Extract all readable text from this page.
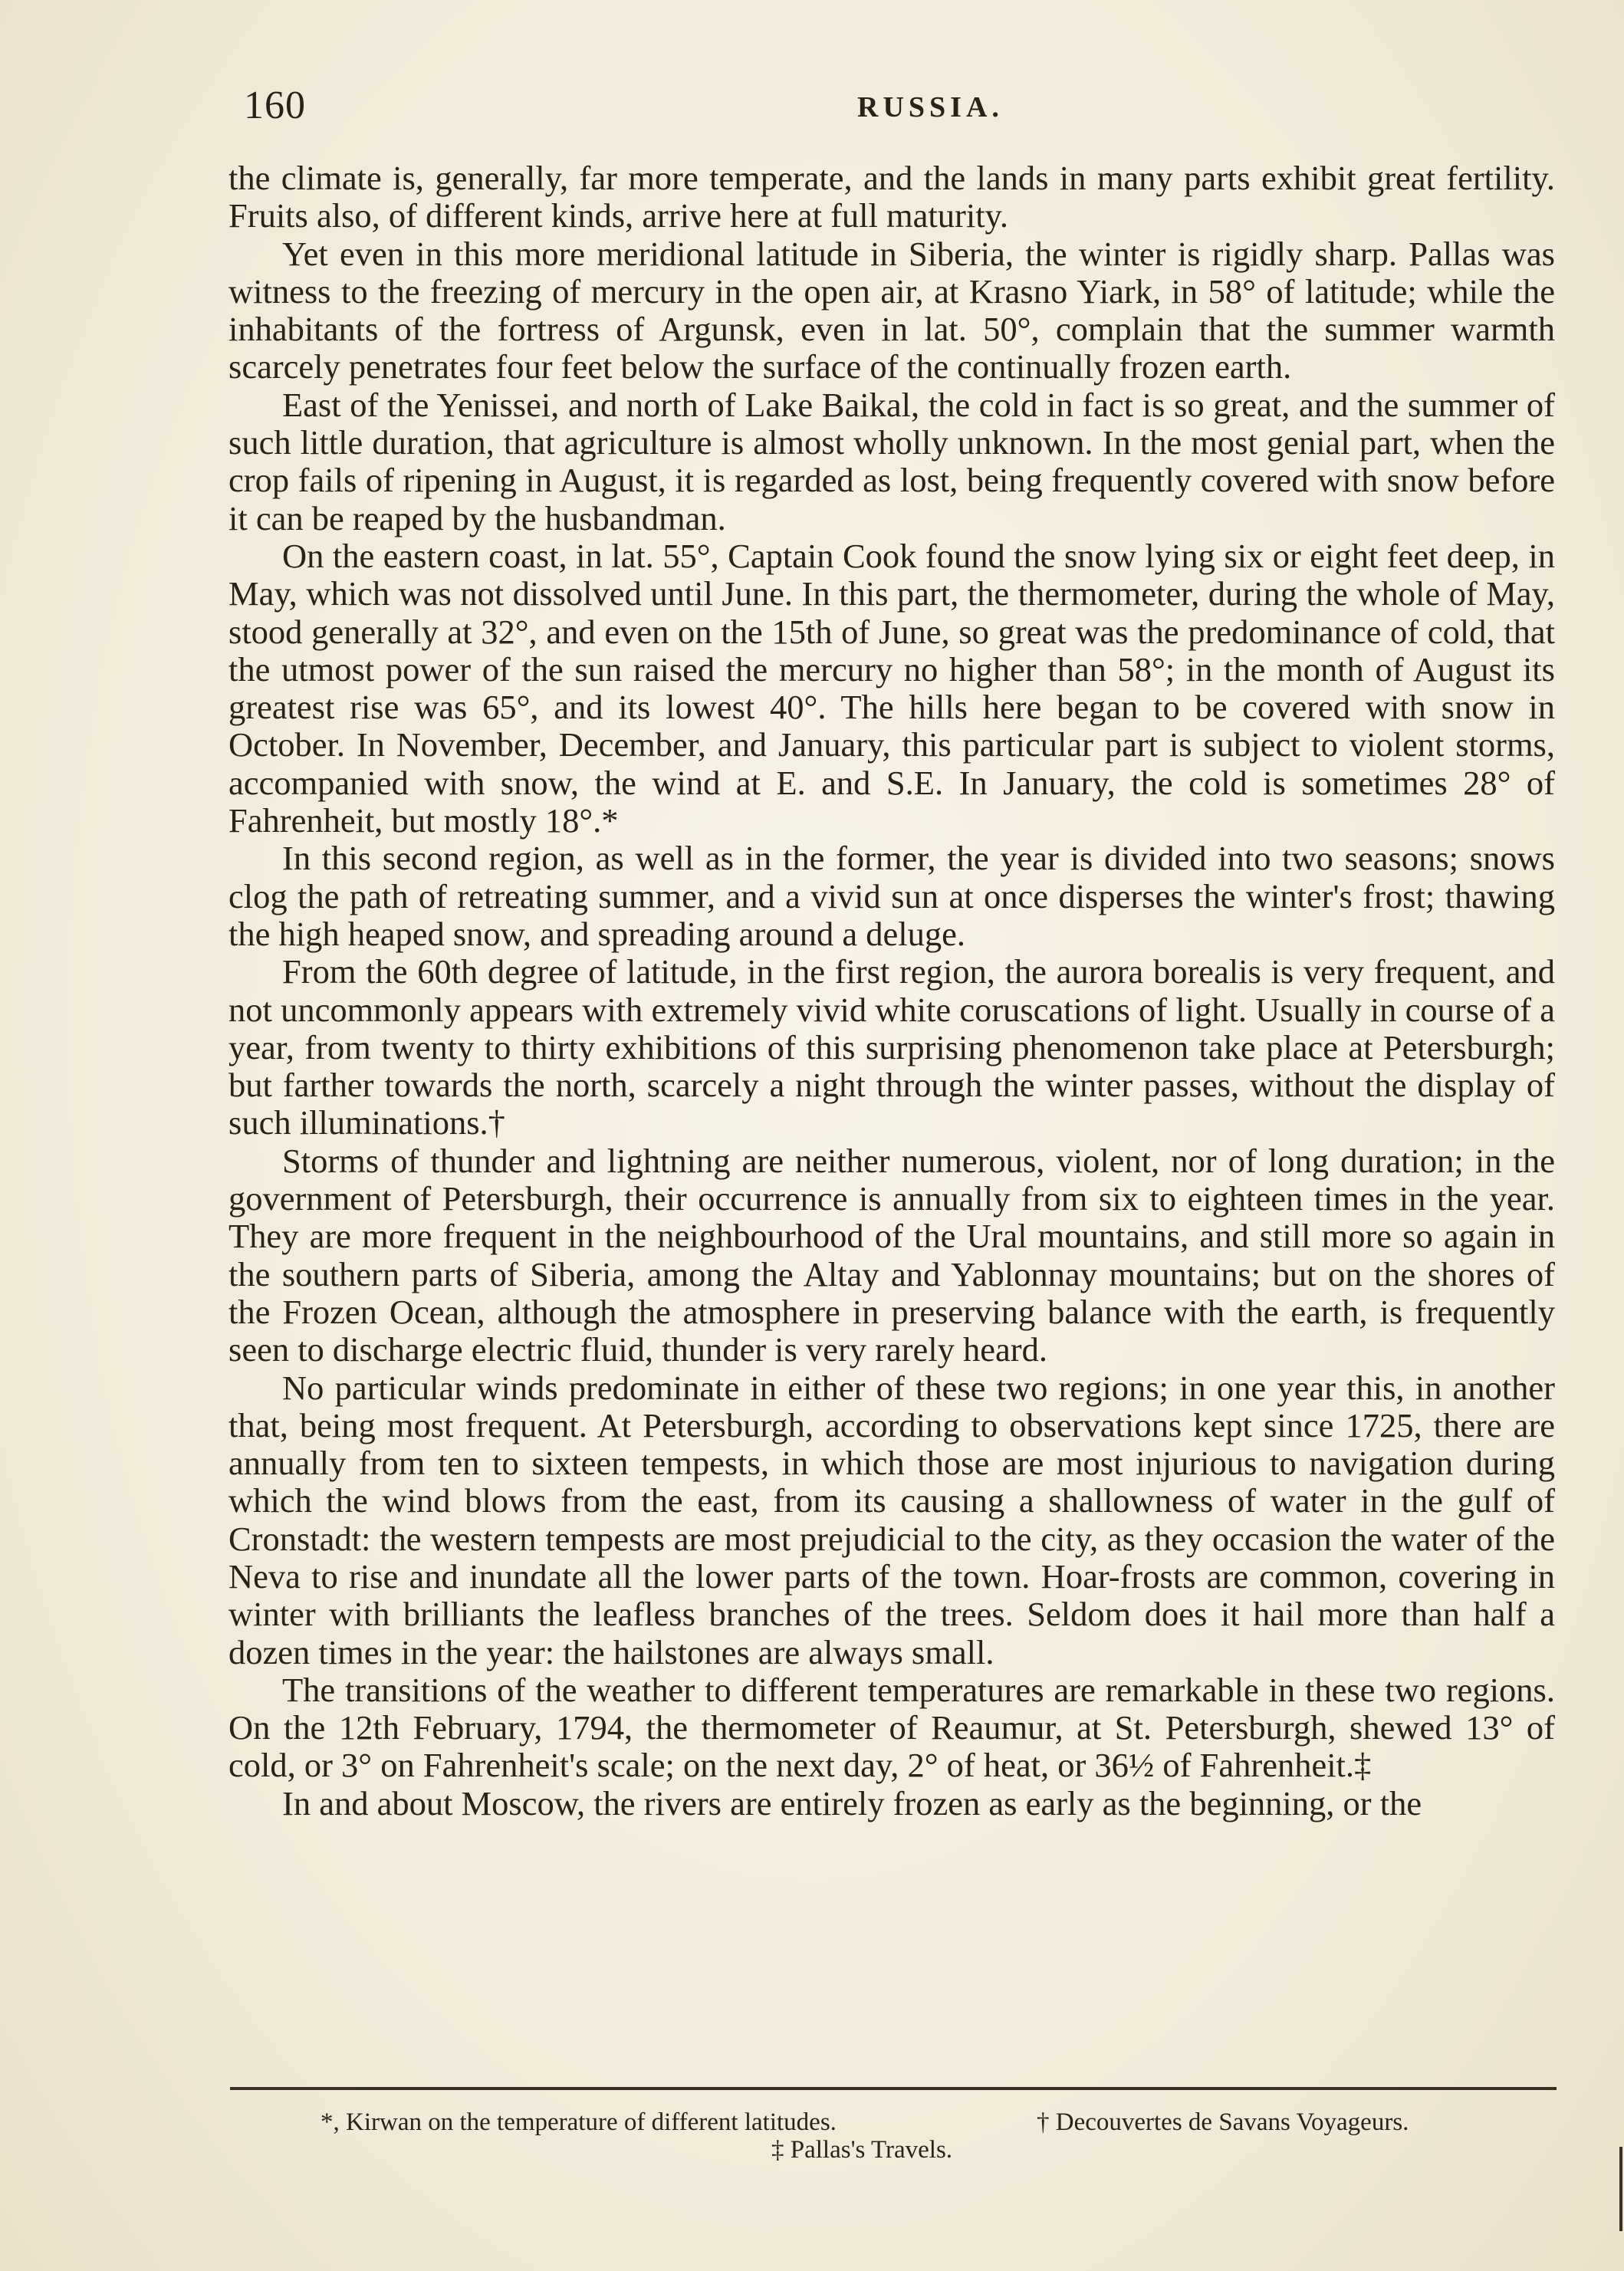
160	RUSSIA.

the climate is, generally, far more temperate, and the lands in many parts exhibit great fertility. Fruits also, of different kinds, arrive here at full maturity.

Yet even in this more meridional latitude in Siberia, the winter is rigidly sharp. Pallas was witness to the freezing of mercury in the open air, at Krasno Yiark, in 58° of latitude; while the inhabitants of the fortress of Argunsk, even in lat. 50°, complain that the summer warmth scarcely penetrates four feet below the surface of the continually frozen earth.

East of the Yenissei, and north of Lake Baikal, the cold in fact is so great, and the summer of such little duration, that agriculture is almost wholly unknown. In the most genial part, when the crop fails of ripening in August, it is regarded as lost, being frequently covered with snow before it can be reaped by the husbandman.

On the eastern coast, in lat. 55°, Captain Cook found the snow lying six or eight feet deep, in May, which was not dissolved until June. In this part, the thermometer, during the whole of May, stood generally at 32°, and even on the 15th of June, so great was the predominance of cold, that the utmost power of the sun raised the mercury no higher than 58°; in the month of August its greatest rise was 65°, and its lowest 40°. The hills here began to be covered with snow in October. In November, December, and January, this particular part is subject to violent storms, accompanied with snow, the wind at E. and S.E. In January, the cold is sometimes 28° of Fahrenheit, but mostly 18°.*

In this second region, as well as in the former, the year is divided into two seasons; snows clog the path of retreating summer, and a vivid sun at once disperses the winter's frost; thawing the high heaped snow, and spreading around a deluge.

From the 60th degree of latitude, in the first region, the aurora borealis is very frequent, and not uncommonly appears with extremely vivid white coruscations of light. Usually in course of a year, from twenty to thirty exhibitions of this surprising phenomenon take place at Petersburgh; but farther towards the north, scarcely a night through the winter passes, without the display of such illuminations.†

Storms of thunder and lightning are neither numerous, violent, nor of long duration; in the government of Petersburgh, their occurrence is annually from six to eighteen times in the year. They are more frequent in the neighbourhood of the Ural mountains, and still more so again in the southern parts of Siberia, among the Altay and Yablonnay mountains; but on the shores of the Frozen Ocean, although the atmosphere in preserving balance with the earth, is frequently seen to discharge electric fluid, thunder is very rarely heard.

No particular winds predominate in either of these two regions; in one year this, in another that, being most frequent. At Petersburgh, according to observations kept since 1725, there are annually from ten to sixteen tempests, in which those are most injurious to navigation during which the wind blows from the east, from its causing a shallowness of water in the gulf of Cronstadt: the western tempests are most prejudicial to the city, as they occasion the water of the Neva to rise and inundate all the lower parts of the town. Hoar-frosts are common, covering in winter with brilliants the leafless branches of the trees. Seldom does it hail more than half a dozen times in the year: the hailstones are always small.

The transitions of the weather to different temperatures are remarkable in these two regions. On the 12th February, 1794, the thermometer of Reaumur, at St. Petersburgh, shewed 13° of cold, or 3° on Fahrenheit's scale; on the next day, 2° of heat, or 36½ of Fahrenheit.‡

In and about Moscow, the rivers are entirely frozen as early as the beginning, or the

*, Kirwan on the temperature of different latitudes.	† Decouvertes de Savans Voyageurs.
‡ Pallas's Travels.
